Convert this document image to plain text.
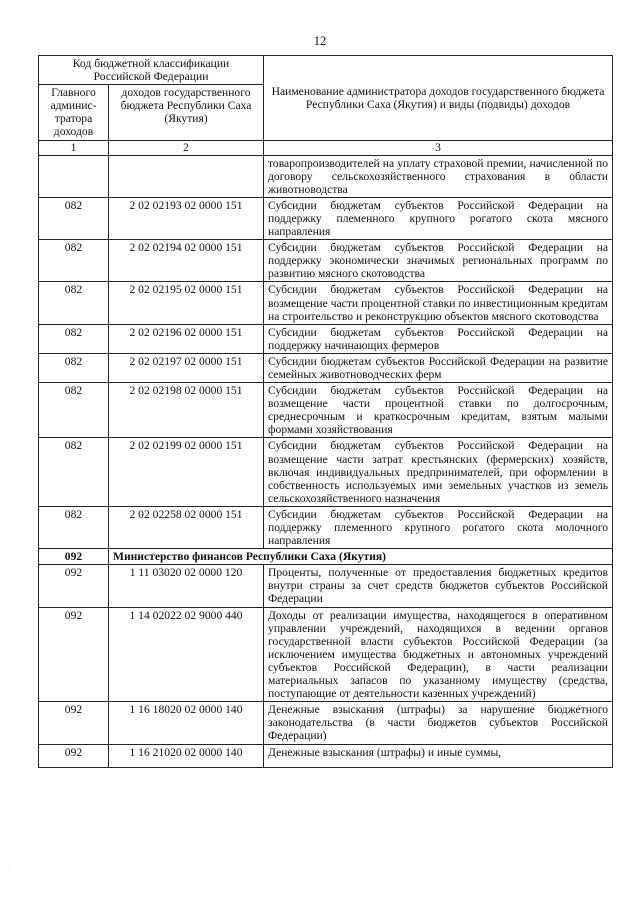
12
Код бюджетной классификации Российской Федерации		Наименование администратора доходов государственного бюджета Республики Саха (Якутия) и виды (подвиды) доходов
Главного админис-тратора доходов	доходов государственного бюджета Республики Саха (Якутия)	
1	2	3
		товаропроизводителей на уплату страховой премии, начисленной по договору сельскохозяйственного страхования в области животноводства
082	2 02 02193 02 0000 151	Субсидии бюджетам субъектов Российской Федерации на поддержку племенного крупного рогатого скота мясного направления
082	2 02 02194 02 0000 151	Субсидии бюджетам субъектов Российской Федерации на поддержку экономически значимых региональных программ по развитию мясного скотоводства
082	2 02 02195 02 0000 151	Субсидии бюджетам субъектов Российской Федерации на возмещение части процентной ставки по инвестиционным кредитам на строительство и реконструкцию объектов мясного скотоводства
082	2 02 02196 02 0000 151	Субсидии бюджетам субъектов Российской Федерации на поддержку начинающих фермеров
082	2 02 02197 02 0000 151	Субсидии бюджетам субъектов Российской Федерации на развитие семейных животноводческих ферм
082	2 02 02198 02 0000 151	Субсидии бюджетам субъектов Российской Федерации на возмещение части процентной ставки по долгосрочным, среднесрочным и краткосрочным кредитам, взятым малыми формами хозяйствования
082	2 02 02199 02 0000 151	Субсидии бюджетам субъектов Российской Федерации на возмещение части затрат крестьянских (фермерских) хозяйств, включая индивидуальных предпринимателей, при оформлении в собственность используемых ими земельных участков из земель сельскохозяйственного назначения
082	2 02 02258 02 0000 151	Субсидии бюджетам субъектов Российской Федерации на поддержку племенного крупного рогатого скота молочного направления
092	Министерство финансов Республики Саха (Якутия)	
092	1 11 03020 02 0000 120	Проценты, полученные от предоставления бюджетных кредитов внутри страны за счет средств бюджетов субъектов Российской Федерации
092	1 14 02022 02 9000 440	Доходы от реализации имущества, находящегося в оперативном управлении учреждений, находящихся в ведении органов государственной власти субъектов Российской Федерации (за исключением имущества бюджетных и автономных учреждений субъектов Российской Федерации), в части реализации материальных запасов по указанному имуществу (средства, поступающие от деятельности казенных учреждений)
092	1 16 18020 02 0000 140	Денежные взыскания (штрафы) за нарушение бюджетного законодательства (в части бюджетов субъектов Российской Федерации)
092	1 16 21020 02 0000 140	Денежные взыскания (штрафы) и иные суммы,
·
